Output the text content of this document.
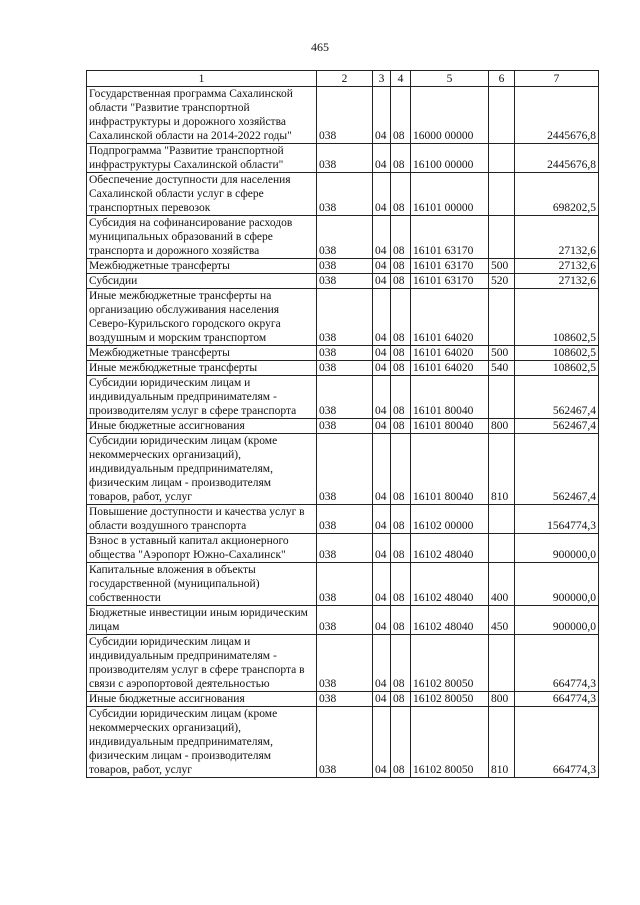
465
1	2	3	4	5	6	7
Государственная программа Сахалинской области "Развитие транспортной инфраструктуры и дорожного хозяйства Сахалинской области на 2014-2022 годы"	038	04	08	16000 00000		2445676,8
Подпрограмма "Развитие транспортной инфраструктуры Сахалинской области"	038	04	08	16100 00000		2445676,8
Обеспечение доступности для населения Сахалинской области услуг в сфере транспортных перевозок	038	04	08	16101 00000		698202,5
Субсидия на софинансирование расходов муниципальных образований в сфере транспорта и дорожного хозяйства	038	04	08	16101 63170		27132,6
Межбюджетные трансферты	038	04	08	16101 63170	500	27132,6
Субсидии	038	04	08	16101 63170	520	27132,6
Иные межбюджетные трансферты на организацию обслуживания населения Северо-Курильского городского округа воздушным и морским транспортом	038	04	08	16101 64020		108602,5
Межбюджетные трансферты	038	04	08	16101 64020	500	108602,5
Иные межбюджетные трансферты	038	04	08	16101 64020	540	108602,5
Субсидии юридическим лицам и индивидуальным предпринимателям - производителям услуг в сфере транспорта	038	04	08	16101 80040		562467,4
Иные бюджетные ассигнования	038	04	08	16101 80040	800	562467,4
Субсидии юридическим лицам (кроме некоммерческих организаций), индивидуальным предпринимателям, физическим лицам - производителям товаров, работ, услуг	038	04	08	16101 80040	810	562467,4
Повышение доступности и качества услуг в области воздушного транспорта	038	04	08	16102 00000		1564774,3
Взнос в уставный капитал акционерного общества "Аэропорт Южно-Сахалинск"	038	04	08	16102 48040		900000,0
Капитальные вложения в объекты государственной (муниципальной) собственности	038	04	08	16102 48040	400	900000,0
Бюджетные инвестиции иным юридическим лицам	038	04	08	16102 48040	450	900000,0
Субсидии юридическим лицам и индивидуальным предпринимателям - производителям услуг в сфере транспорта в связи с аэропортовой деятельностью	038	04	08	16102 80050		664774,3
Иные бюджетные ассигнования	038	04	08	16102 80050	800	664774,3
Субсидии юридическим лицам (кроме некоммерческих организаций), индивидуальным предпринимателям, физическим лицам - производителям товаров, работ, услуг	038	04	08	16102 80050	810	664774,3
